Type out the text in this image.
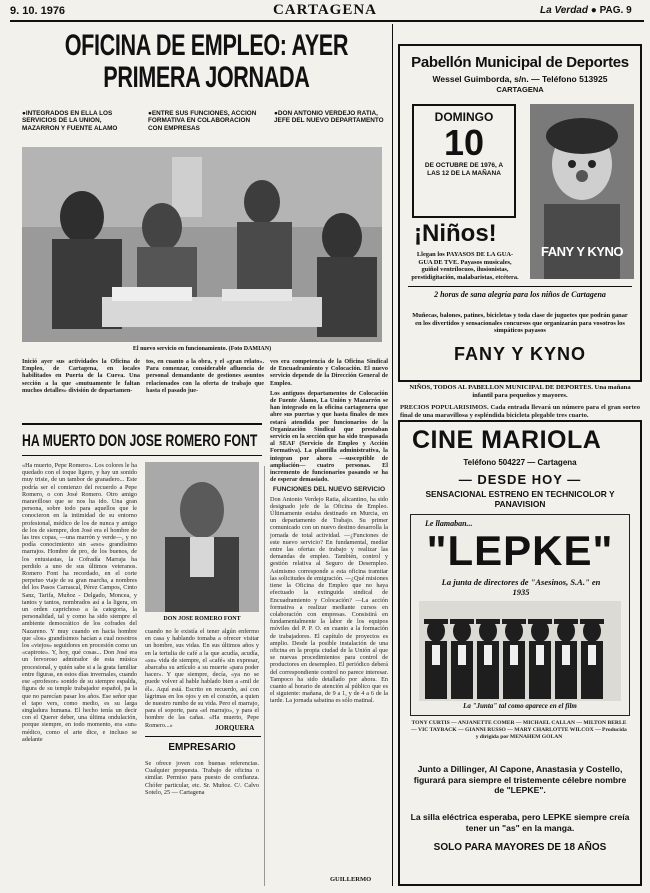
9. 10. 1976	CARTAGENA	La Verdad ● PAG. 9
OFICINA DE EMPLEO: AYER
PRIMERA JORNADA
● INTEGRADOS EN ELLA LOS SERVICIOS DE LA UNION, MAZARRON Y FUENTE ALAMO
● ENTRE SUS FUNCIONES, ACCION FORMATIVA EN COLABORACION CON EMPRESAS
● DON ANTONIO VERDEJO RATIA, JEFE DEL NUEVO DEPARTAMENTO
El nuevo servicio en funcionamiento. (Foto DAMIAN)
Inició ayer sus actividades la Oficina de Empleo, de Cartagena, en locales habilitados en Puerta de la Cueva. Una sección a la que «mutuamente le faltan muchos detalles» división de departamen-
tos, en cuanto a la obra, y el «gran relato». Para comenzar, considerable afluencia de personal demandante de gestiones asuntos relacionados con la oferta de trabajo que hasta el pasado jue-
ves era competencia de la Oficina Sindical de Encuadramiento y Colocación. El nuevo servicio depende de la Dirección General de Empleo.
Los antiguos departamentos de Colocación de Fuente Álamo, La Unión y Mazarrón se han integrado en la oficina cartagenera que abre sus puertas y que hasta finales de mes estará atendida por funcionarios de la Organización Sindical que prestaban servicio en la sección que ha sido traspasada al SEAF (Servicio de Empleo y Acción Formativa). La plantilla administrativa, la integran por ahora —susceptible de ampliación— cuatro personas. El incremento de funcionarios pasando se ha de esperar demasiado.
FUNCIONES DEL NUEVO SERVICIO
Don Antonio Verdejo Ratia, alicantino, ha sido designado jefe de la Oficina de Empleo. Últimamente estaba destinado en Murcia, en un departamento de Trabajo. Su primer comunicado con un nuevo destino desarrolla la jornada de total actividad. —¿Funciones de este nuevo servicio? En fundamental, mediar entre las ofertas de trabajo y realizar las demandas de empleo. También, control y gestión relativa al Seguro de Desempleo. Asimismo corresponde a esta oficina tramitar las solicitudes de emigración. —¿Qué misiones tiene la Oficina de Empleo que no haya efectuado la extinguida sindical de Encuadramiento y Colocación? —La acción formativa a realizar mediante cursos en colaboración con empresas. Consistirá en fundamentalmente la labor de los equipos móviles del P. P. O. en cuanto a la formación de trabajadores. El capítulo de proyectos es amplio. Desde la posible instalación de una oficina en la propia ciudad de la Unión al que se nuevas procedimientos para control de productores en desempleo. El periódico deberá del correspondiente control no parece interesar. Tampoco ha sido detallado por ahora. En cuanto al horario de atención al público que es el siguiente: mañana, de 9 a 1, y de 4 a 6 de la tarde. La jornada sabatina es sólo matinal.
HA MUERTO DON JOSE ROMERO FONT
«Ha muerto, Pepe Romero». Los colores le ha quedado con el toque ligero, y hay un sonido muy triste, de un tambor de granadero... Este podría ser el comienzo del recuerdo a Pepe Romero, o con José Romero. Otro amigo maravilloso que se nos ha ido. Una gran persona, sobre todo para aquellos que le conocieron en la intimidad de su entorno profesional, médico de los de nunca y amigo de los de siempre, don José era el hombre de las tres copas, —una marrón y verde—, y no podía conocimiento sin «eso» grandísimo marrajos. Hombre de pro, de los buenos, de los entusiastas, la Cofradía Marraja ha perdido a uno de sus últimos veteranos. Romero Font ha recordado, en el corte perpetuo viaje de su gran marcha, a nombres del los Pasos Carrascal, Pérez Campos, Cinto Sanz, Tarifa, Muñoz - Delgado, Moncea, y tantos y tantos, nombrados así a la ligera, en un orden caprichoso a la categoría, la personalidad, tal y como ha sido siempre el ambiente democrático de los cofrades del Nazareno. Y muy cuando en hacia hombre que «los» grandísimos hacían a cual nosotros los «viejos» seguidores en procesión como un «capirote». Y, hoy, qué cosas... Don José era un fervoroso admirador de esta música procesional, y quién sabe si a la grata familiar entre figuras, en estos días invernales, cuando ese «profesor» sonido de su siempre espalda, figura de su temple trabajador español, pa la que no parecían pasar los años. Ese señor que el tapo vers, como medio, es su larga singladura humana. El hecho tenía un decir con el Querer deber, una última ondulación, porque siempre, en todo momento, era «un» médico, como el arte dice, e incluso se adelante
DON JOSE ROMERO FONT
cuando no le existía el tener algún enfermo en casa y hablando tomaba a ofrecer visitar un hombre, sus vidas. En sus últimos años y en la tertulia de café a la que acudía, acudía, «su» vida de siempre, el «café» sin expresar, abarcaba su artículo a su muerte «para poder hacer». Y que siempre, decía, «ya no se puede volver al hable hablado bien a «mil de él». Aquí está. Escrito en recuerdo, así con lágrimas en los ojos y en el corazón, a quien de nuestro rumbo de su vida. Pero el marrajo, para el soporte, para «el marrajo», y para el hombre de las cañas. «Ha muerto, Pepe Romero...»	JORQUERA
EMPRESARIO
Se ofrece joven con buenas referencias. Cualquier propuesta. Trabajo de oficina o similar. Permiso para puesto de confianza. Chófer particular, etc. Sr. Muñoz. C/. Calvo Sotelo, 25 — Cartagena
GUILLERMO
Pabellón Municipal de Deportes
Wessel Guimborda, s/n. — Teléfono 513925
CARTAGENA
DOMINGO
10
DE OCTUBRE DE 1976, A LAS 12 DE LA MAÑANA
¡Niños!
Llegan los PAYASOS DE LA GUA-GUA DE TVE. Payasos musicales, guiñol ventrílocuos, ilusionistas, prestidigitación, malabaristas, etcétera.
FANY Y KYNO
2 horas de sana alegría para los niños de Cartagena
Muñecas, balones, patines, bicicletas y toda clase de juguetes que podrán ganar en los divertidos y sensacionales concursos que organizarán para vosotros los simpáticos payasos
FANY Y KYNO
NIÑOS, TODOS AL PABELLON MUNICIPAL DE DEPORTES. Una mañana infantil para pequeños y mayores.
PRECIOS POPULARISIMOS. Cada entrada llevará un número para el gran sorteo final de una maravillosa y espléndida bicicleta plegable tres cuarto.
CINE MARIOLA
Teléfono 504227 — Cartagena
— DESDE HOY —
SENSACIONAL ESTRENO EN TECHNICOLOR Y PANAVISION
Le llamaban...
"LEPKE"
La junta de directores de "Asesinos, S.A." en 1935
La "Junta" tal como aparece en el film
TONY CURTIS — ANJANETTE COMER — MICHAEL CALLAN — MILTON BERLE — VIC TAYBACK — GIANNI RUSSO — MARY CHARLOTTE WILCOX — Producida y dirigida por MENAHEM GOLAN
Junto a Dillinger, Al Capone, Anastasia y Costello, figurará para siempre el tristemente célebre nombre de "LEPKE".
La silla eléctrica esperaba, pero LEPKE siempre creía tener un "as" en la manga.
SOLO PARA MAYORES DE 18 AÑOS
